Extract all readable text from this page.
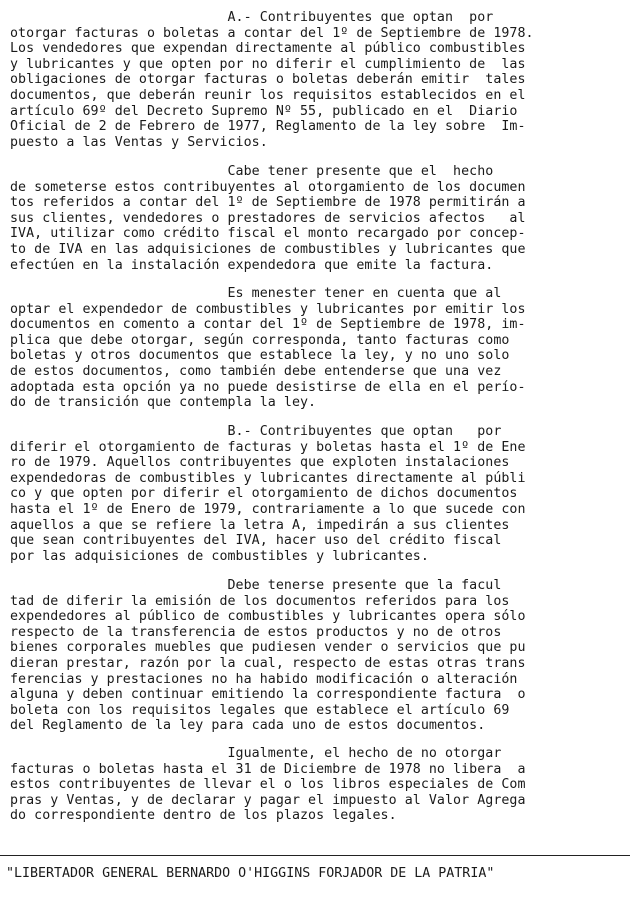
A.- Contribuyentes que optan  por
otorgar facturas o boletas a contar del 1º de Septiembre de 1978.
Los vendedores que expendan directamente al público combustibles
y lubricantes y que opten por no diferir el cumplimiento de  las
obligaciones de otorgar facturas o boletas deberán emitir  tales
documentos, que deberán reunir los requisitos establecidos en el
artículo 69º del Decreto Supremo Nº 55, publicado en el  Diario
Oficial de 2 de Febrero de 1977, Reglamento de la ley sobre  Im-
puesto a las Ventas y Servicios.
Cabe tener presente que el  hecho
de someterse estos contribuyentes al otorgamiento de los documen
tos referidos a contar del 1º de Septiembre de 1978 permitirán a
sus clientes, vendedores o prestadores de servicios afectos   al
IVA, utilizar como crédito fiscal el monto recargado por concep-
to de IVA en las adquisiciones de combustibles y lubricantes que
efectúen en la instalación expendedora que emite la factura.
Es menester tener en cuenta que al
optar el expendedor de combustibles y lubricantes por emitir los
documentos en comento a contar del 1º de Septiembre de 1978, im-
plica que debe otorgar, según corresponda, tanto facturas como
boletas y otros documentos que establece la ley, y no uno solo
de estos documentos, como también debe entenderse que una vez
adoptada esta opción ya no puede desistirse de ella en el perío-
do de transición que contempla la ley.
B.- Contribuyentes que optan   por
diferir el otorgamiento de facturas y boletas hasta el 1º de Ene
ro de 1979. Aquellos contribuyentes que exploten instalaciones
expendedoras de combustibles y lubricantes directamente al públi
co y que opten por diferir el otorgamiento de dichos documentos
hasta el 1º de Enero de 1979, contrariamente a lo que sucede con
aquellos a que se refiere la letra A, impedirán a sus clientes
que sean contribuyentes del IVA, hacer uso del crédito fiscal
por las adquisiciones de combustibles y lubricantes.
Debe tenerse presente que la facul
tad de diferir la emisión de los documentos referidos para los
expendedores al público de combustibles y lubricantes opera sólo
respecto de la transferencia de estos productos y no de otros
bienes corporales muebles que pudiesen vender o servicios que pu
dieran prestar, razón por la cual, respecto de estas otras trans
ferencias y prestaciones no ha habido modificación o alteración
alguna y deben continuar emitiendo la correspondiente factura  o
boleta con los requisitos legales que establece el artículo 69
del Reglamento de la ley para cada uno de estos documentos.
Igualmente, el hecho de no otorgar
facturas o boletas hasta el 31 de Diciembre de 1978 no libera  a
estos contribuyentes de llevar el o los libros especiales de Com
pras y Ventas, y de declarar y pagar el impuesto al Valor Agrega
do correspondiente dentro de los plazos legales.
"LIBERTADOR GENERAL BERNARDO O'HIGGINS FORJADOR DE LA PATRIA"
